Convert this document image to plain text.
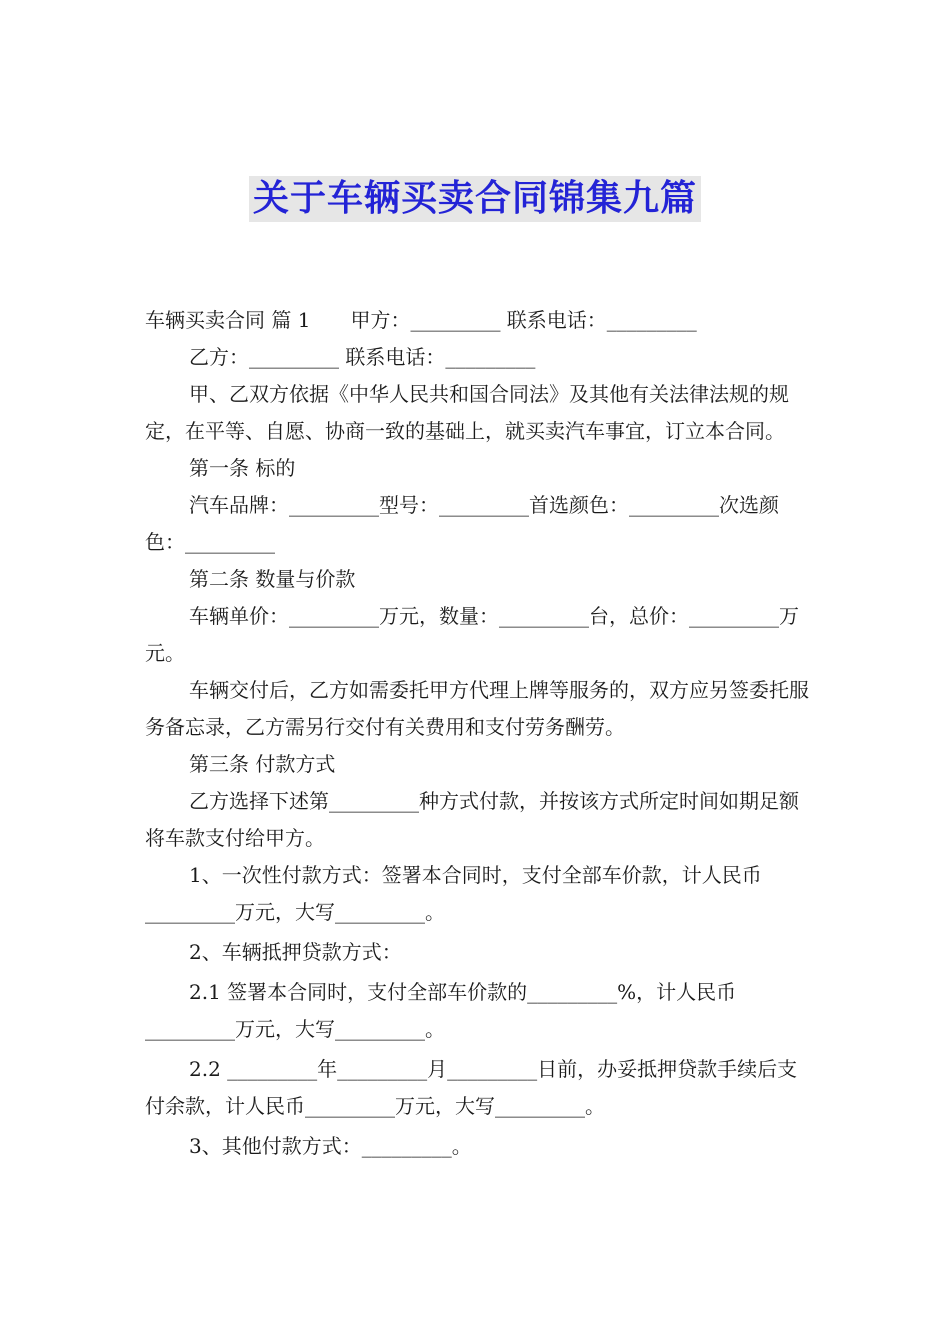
关于车辆买卖合同锦集九篇

车辆买卖合同 篇 1　　甲方：_________ 联系电话：_________

乙方：_________ 联系电话：_________

甲、乙双方依据《中华人民共和国合同法》及其他有关法律法规的规定，在平等、自愿、协商一致的基础上，就买卖汽车事宜，订立本合同。

第一条 标的

汽车品牌：_________型号：_________首选颜色：_________次选颜色：_________

第二条 数量与价款

车辆单价：_________万元，数量：_________台，总价：_________万元。

车辆交付后，乙方如需委托甲方代理上牌等服务的，双方应另签委托服务备忘录，乙方需另行交付有关费用和支付劳务酬劳。

第三条 付款方式

乙方选择下述第_________种方式付款，并按该方式所定时间如期足额将车款支付给甲方。

1、一次性付款方式：签署本合同时，支付全部车价款，计人民币_________万元，大写_________。

2、车辆抵押贷款方式：

2.1 签署本合同时，支付全部车价款的_________%，计人民币_________万元，大写_________。

2.2 _________年_________月_________日前，办妥抵押贷款手续后支付余款，计人民币_________万元，大写_________。

3、其他付款方式：_________。
